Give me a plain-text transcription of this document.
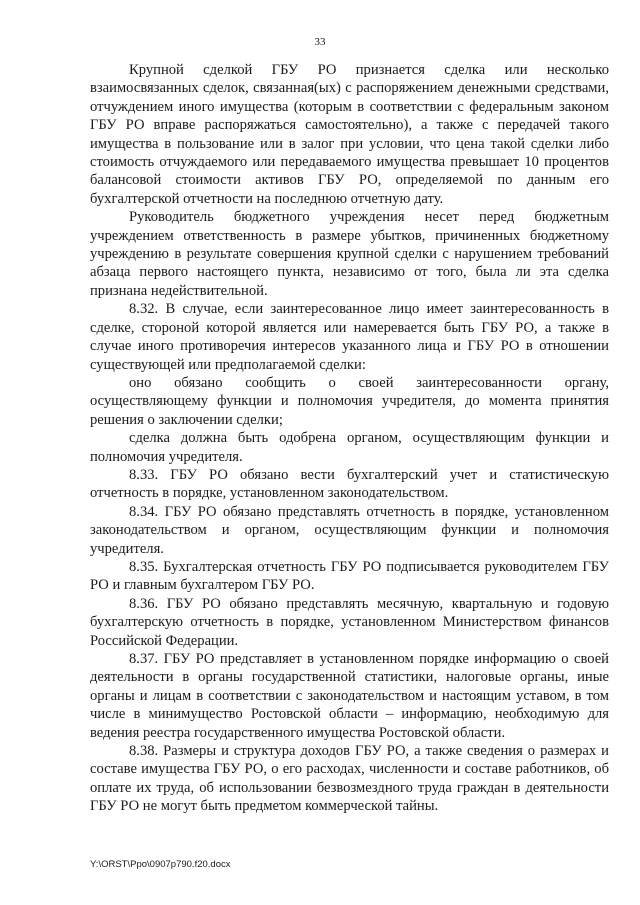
33

Крупной сделкой ГБУ РО признается сделка или несколько взаимосвязанных сделок, связанная(ых) с распоряжением денежными средствами, отчуждением иного имущества (которым в соответствии с федеральным законом ГБУ РО вправе распоряжаться самостоятельно), а также с передачей такого имущества в пользование или в залог при условии, что цена такой сделки либо стоимость отчуждаемого или передаваемого имущества превышает 10 процентов балансовой стоимости активов ГБУ РО, определяемой по данным его бухгалтерской отчетности на последнюю отчетную дату.

Руководитель бюджетного учреждения несет перед бюджетным учреждением ответственность в размере убытков, причиненных бюджетному учреждению в результате совершения крупной сделки с нарушением требований абзаца первого настоящего пункта, независимо от того, была ли эта сделка признана недействительной.

8.32. В случае, если заинтересованное лицо имеет заинтересованность в сделке, стороной которой является или намеревается быть ГБУ РО, а также в случае иного противоречия интересов указанного лица и ГБУ РО в отношении существующей или предполагаемой сделки:

оно обязано сообщить о своей заинтересованности органу, осуществляющему функции и полномочия учредителя, до момента принятия решения о заключении сделки;

сделка должна быть одобрена органом, осуществляющим функции и полномочия учредителя.

8.33. ГБУ РО обязано вести бухгалтерский учет и статистическую отчетность в порядке, установленном законодательством.

8.34. ГБУ РО обязано представлять отчетность в порядке, установленном законодательством и органом, осуществляющим функции и полномочия учредителя.

8.35. Бухгалтерская отчетность ГБУ РО подписывается руководителем ГБУ РО и главным бухгалтером ГБУ РО.

8.36. ГБУ РО обязано представлять месячную, квартальную и годовую бухгалтерскую отчетность в порядке, установленном Министерством финансов Российской Федерации.

8.37. ГБУ РО представляет в установленном порядке информацию о своей деятельности в органы государственной статистики, налоговые органы, иные органы и лицам в соответствии с законодательством и настоящим уставом, в том числе в минимущество Ростовской области – информацию, необходимую для ведения реестра государственного имущества Ростовской области.

8.38. Размеры и структура доходов ГБУ РО, а также сведения о размерах и составе имущества ГБУ РО, о его расходах, численности и составе работников, об оплате их труда, об использовании безвозмездного труда граждан в деятельности ГБУ РО не могут быть предметом коммерческой тайны.

Y:\ORST\Ppo\0907p790.f20.docx
